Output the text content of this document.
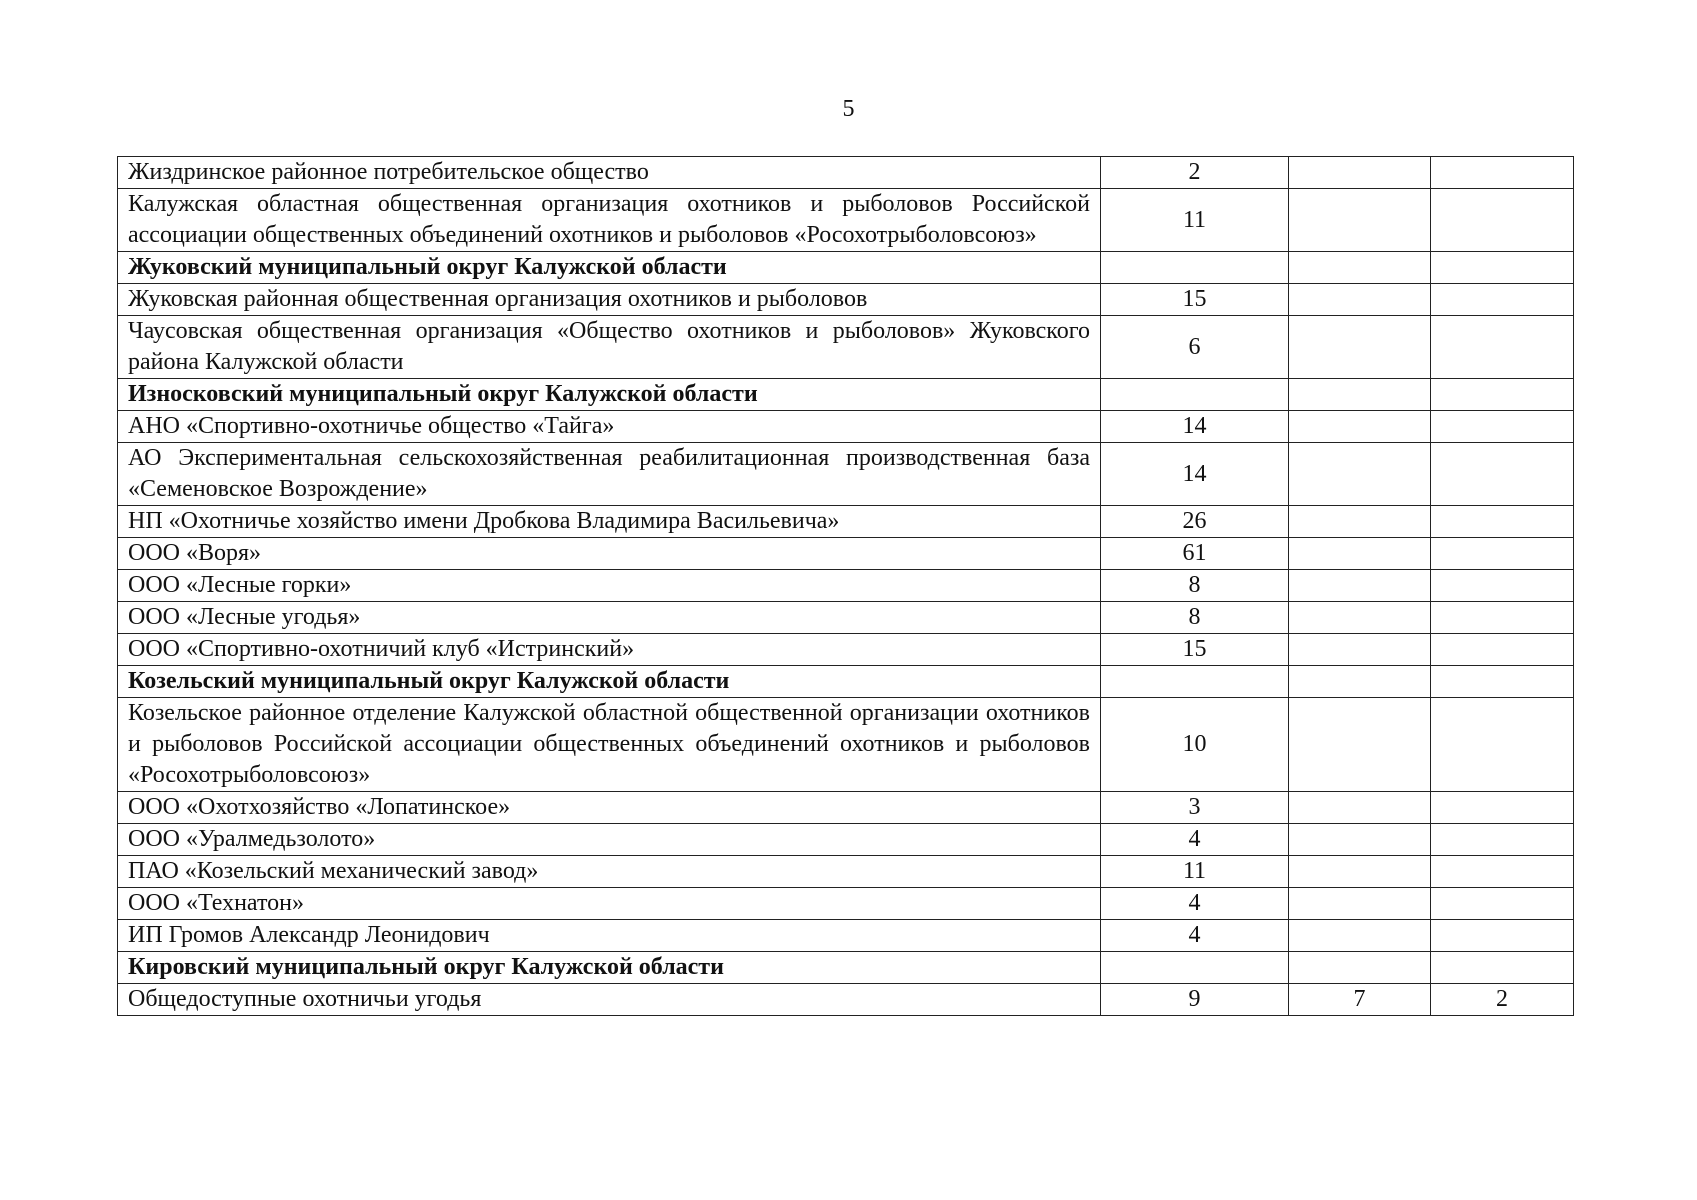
5
Жиздринское районное потребительское общество	2		
Калужская областная общественная организация охотников и рыболовов Российской ассоциации общественных объединений охотников и рыболовов «Росохотрыболовсоюз»	11		
Жуковский муниципальный округ Калужской области			
Жуковская районная общественная организация охотников и рыболовов	15		
Чаусовская общественная организация «Общество охотников и рыболовов» Жуковского района Калужской области	6		
Износковский муниципальный округ Калужской области			
АНО «Спортивно-охотничье общество «Тайга»	14		
АО Экспериментальная сельскохозяйственная реабилитационная производственная база «Семеновское Возрождение»	14		
НП «Охотничье хозяйство имени Дробкова Владимира Васильевича»	26		
ООО «Воря»	61		
ООО «Лесные горки»	8		
ООО «Лесные угодья»	8		
ООО «Спортивно-охотничий клуб «Истринский»	15		
Козельский муниципальный округ Калужской области			
Козельское районное отделение Калужской областной общественной организации охотников и рыболовов Российской ассоциации общественных объединений охотников и рыболовов «Росохотрыболовсоюз»	10		
ООО «Охотхозяйство «Лопатинское»	3		
ООО «Уралмедьзолото»	4		
ПАО «Козельский механический завод»	11		
ООО «Технатон»	4		
ИП Громов Александр Леонидович	4		
Кировский муниципальный округ Калужской области			
Общедоступные охотничьи угодья	9	7	2
